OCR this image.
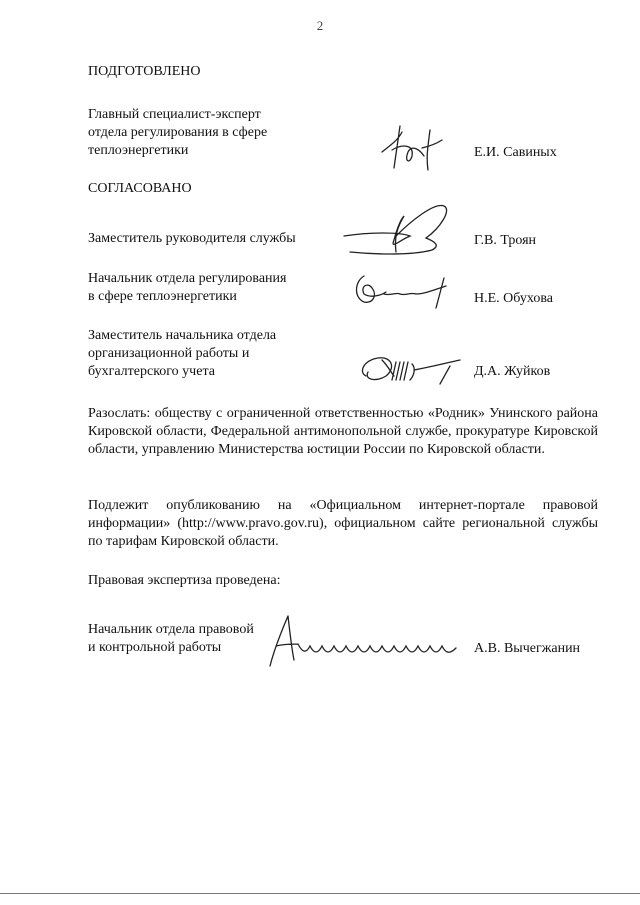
2
ПОДГОТОВЛЕНО
Главный специалист-эксперт
отдела регулирования в сфере
теплоэнергетики	Е.И. Савиных
СОГЛАСОВАНО
Заместитель руководителя службы	Г.В. Троян
Начальник отдела регулирования
в сфере теплоэнергетики	Н.Е. Обухова
Заместитель начальника отдела
организационной работы и
бухгалтерского учета	Д.А. Жуйков
Разослать: обществу с ограниченной ответственностью «Родник» Унинского района Кировской области, Федеральной антимонопольной службе, прокуратуре Кировской области, управлению Министерства юстиции России по Кировской области.
Подлежит опубликованию на «Официальном интернет-портале правовой информации» (http://www.pravo.gov.ru), официальном сайте региональной службы по тарифам Кировской области.
Правовая экспертиза проведена:
Начальник отдела правовой
и контрольной работы	А.В. Вычегжанин
